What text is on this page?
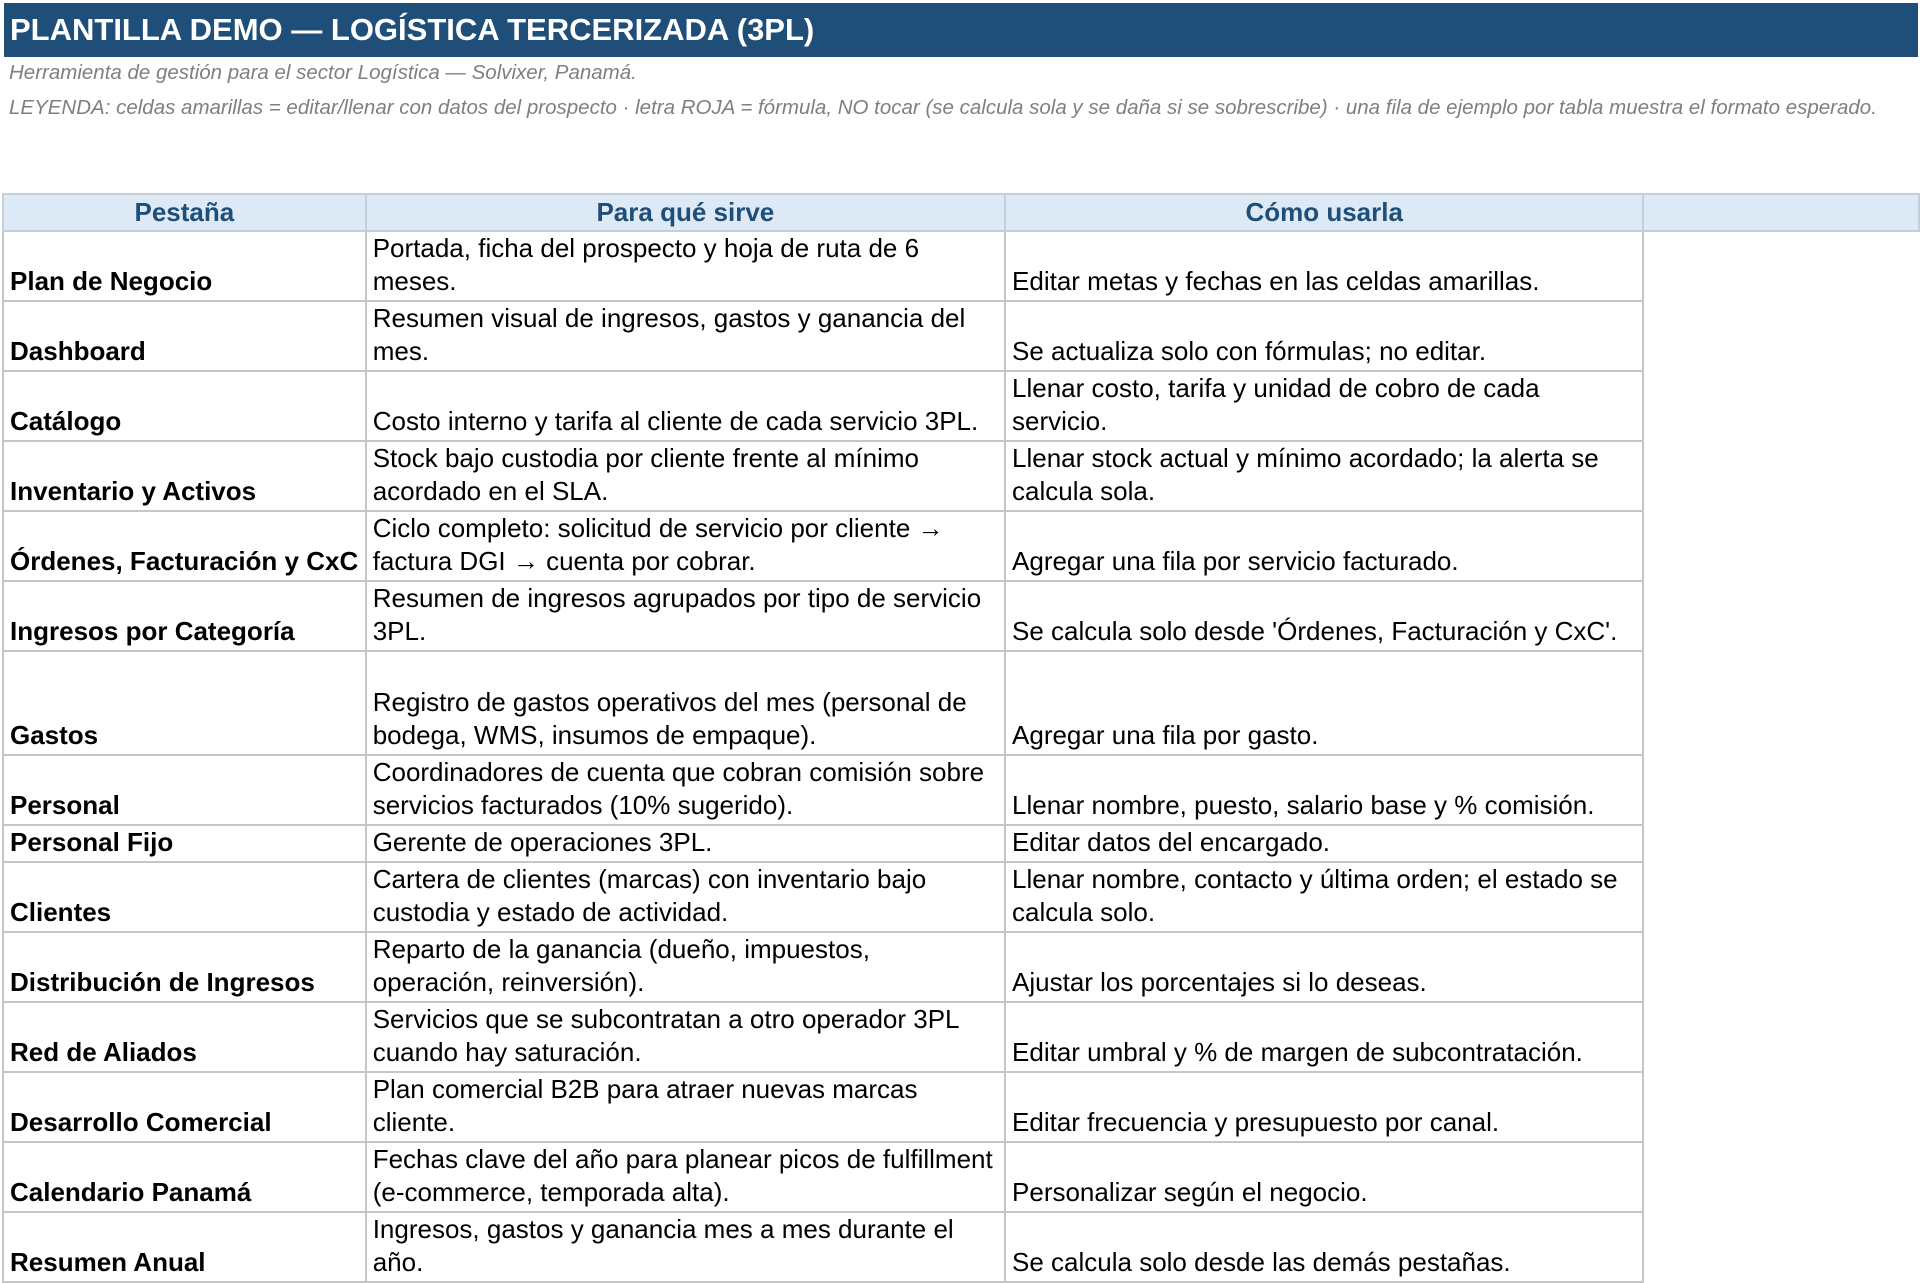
PLANTILLA DEMO — LOGÍSTICA TERCERIZADA (3PL)
Herramienta de gestión para el sector Logística — Solvixer, Panamá.
LEYENDA: celdas amarillas = editar/llenar con datos del prospecto · letra ROJA = fórmula, NO tocar (se calcula sola y se daña si se sobrescribe) · una fila de ejemplo por tabla muestra el formato esperado.
Pestaña	Para qué sirve	Cómo usarla	
Plan de Negocio	Portada, ficha del prospecto y hoja de ruta de 6 meses.	Editar metas y fechas en las celdas amarillas.	
Dashboard	Resumen visual de ingresos, gastos y ganancia del mes.	Se actualiza solo con fórmulas; no editar.	
Catálogo	Costo interno y tarifa al cliente de cada servicio 3PL.	Llenar costo, tarifa y unidad de cobro de cada servicio.	
Inventario y Activos	Stock bajo custodia por cliente frente al mínimo acordado en el SLA.	Llenar stock actual y mínimo acordado; la alerta se calcula sola.	
Órdenes, Facturación y CxC	Ciclo completo: solicitud de servicio por cliente → factura DGI → cuenta por cobrar.	Agregar una fila por servicio facturado.	
Ingresos por Categoría	Resumen de ingresos agrupados por tipo de servicio 3PL.	Se calcula solo desde 'Órdenes, Facturación y CxC'.	
Gastos	Registro de gastos operativos del mes (personal de bodega, WMS, insumos de empaque).	Agregar una fila por gasto.	
Personal	Coordinadores de cuenta que cobran comisión sobre servicios facturados (10% sugerido).	Llenar nombre, puesto, salario base y % comisión.	
Personal Fijo	Gerente de operaciones 3PL.	Editar datos del encargado.	
Clientes	Cartera de clientes (marcas) con inventario bajo custodia y estado de actividad.	Llenar nombre, contacto y última orden; el estado se calcula solo.	
Distribución de Ingresos	Reparto de la ganancia (dueño, impuestos, operación, reinversión).	Ajustar los porcentajes si lo deseas.	
Red de Aliados	Servicios que se subcontratan a otro operador 3PL cuando hay saturación.	Editar umbral y % de margen de subcontratación.	
Desarrollo Comercial	Plan comercial B2B para atraer nuevas marcas cliente.	Editar frecuencia y presupuesto por canal.	
Calendario Panamá	Fechas clave del año para planear picos de fulfillment (e-commerce, temporada alta).	Personalizar según el negocio.	
Resumen Anual	Ingresos, gastos y ganancia mes a mes durante el año.	Se calcula solo desde las demás pestañas.	
